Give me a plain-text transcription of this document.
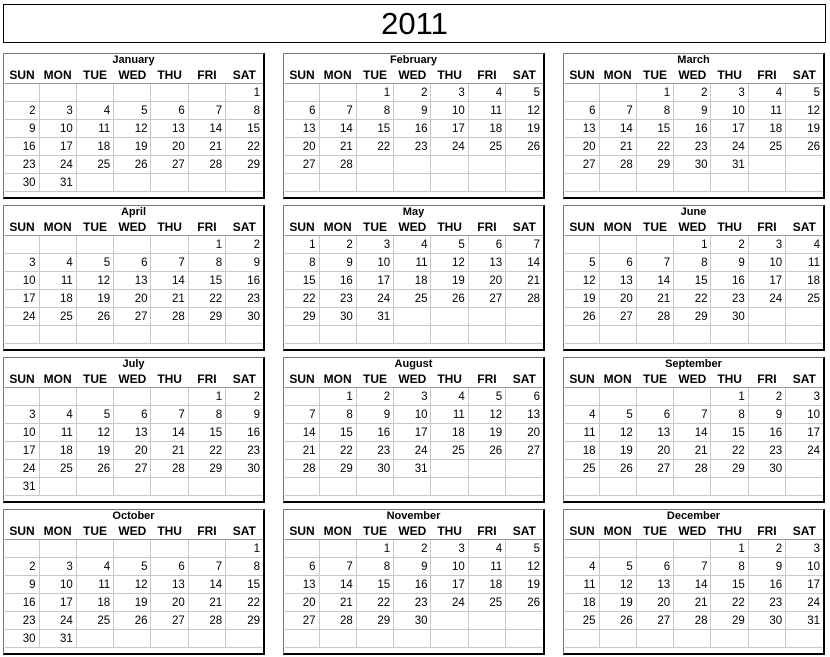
2011
January
SUN	MON	TUE	WED	THU	FRI	SAT
						1
2	3	4	5	6	7	8
9	10	11	12	13	14	15
16	17	18	19	20	21	22
23	24	25	26	27	28	29
30	31					
February
SUN	MON	TUE	WED	THU	FRI	SAT
		1	2	3	4	5
6	7	8	9	10	11	12
13	14	15	16	17	18	19
20	21	22	23	24	25	26
27	28					

March
SUN	MON	TUE	WED	THU	FRI	SAT
		1	2	3	4	5
6	7	8	9	10	11	12
13	14	15	16	17	18	19
20	21	22	23	24	25	26
27	28	29	30	31		

April
SUN	MON	TUE	WED	THU	FRI	SAT
					1	2
3	4	5	6	7	8	9
10	11	12	13	14	15	16
17	18	19	20	21	22	23
24	25	26	27	28	29	30

May
SUN	MON	TUE	WED	THU	FRI	SAT
1	2	3	4	5	6	7
8	9	10	11	12	13	14
15	16	17	18	19	20	21
22	23	24	25	26	27	28
29	30	31				

June
SUN	MON	TUE	WED	THU	FRI	SAT
			1	2	3	4
5	6	7	8	9	10	11
12	13	14	15	16	17	18
19	20	21	22	23	24	25
26	27	28	29	30		

July
SUN	MON	TUE	WED	THU	FRI	SAT
					1	2
3	4	5	6	7	8	9
10	11	12	13	14	15	16
17	18	19	20	21	22	23
24	25	26	27	28	29	30
31						
August
SUN	MON	TUE	WED	THU	FRI	SAT
	1	2	3	4	5	6
7	8	9	10	11	12	13
14	15	16	17	18	19	20
21	22	23	24	25	26	27
28	29	30	31			

September
SUN	MON	TUE	WED	THU	FRI	SAT
				1	2	3
4	5	6	7	8	9	10
11	12	13	14	15	16	17
18	19	20	21	22	23	24
25	26	27	28	29	30	

October
SUN	MON	TUE	WED	THU	FRI	SAT
						1
2	3	4	5	6	7	8
9	10	11	12	13	14	15
16	17	18	19	20	21	22
23	24	25	26	27	28	29
30	31					
November
SUN	MON	TUE	WED	THU	FRI	SAT
		1	2	3	4	5
6	7	8	9	10	11	12
13	14	15	16	17	18	19
20	21	22	23	24	25	26
27	28	29	30			

December
SUN	MON	TUE	WED	THU	FRI	SAT
				1	2	3
4	5	6	7	8	9	10
11	12	13	14	15	16	17
18	19	20	21	22	23	24
25	26	27	28	29	30	31
